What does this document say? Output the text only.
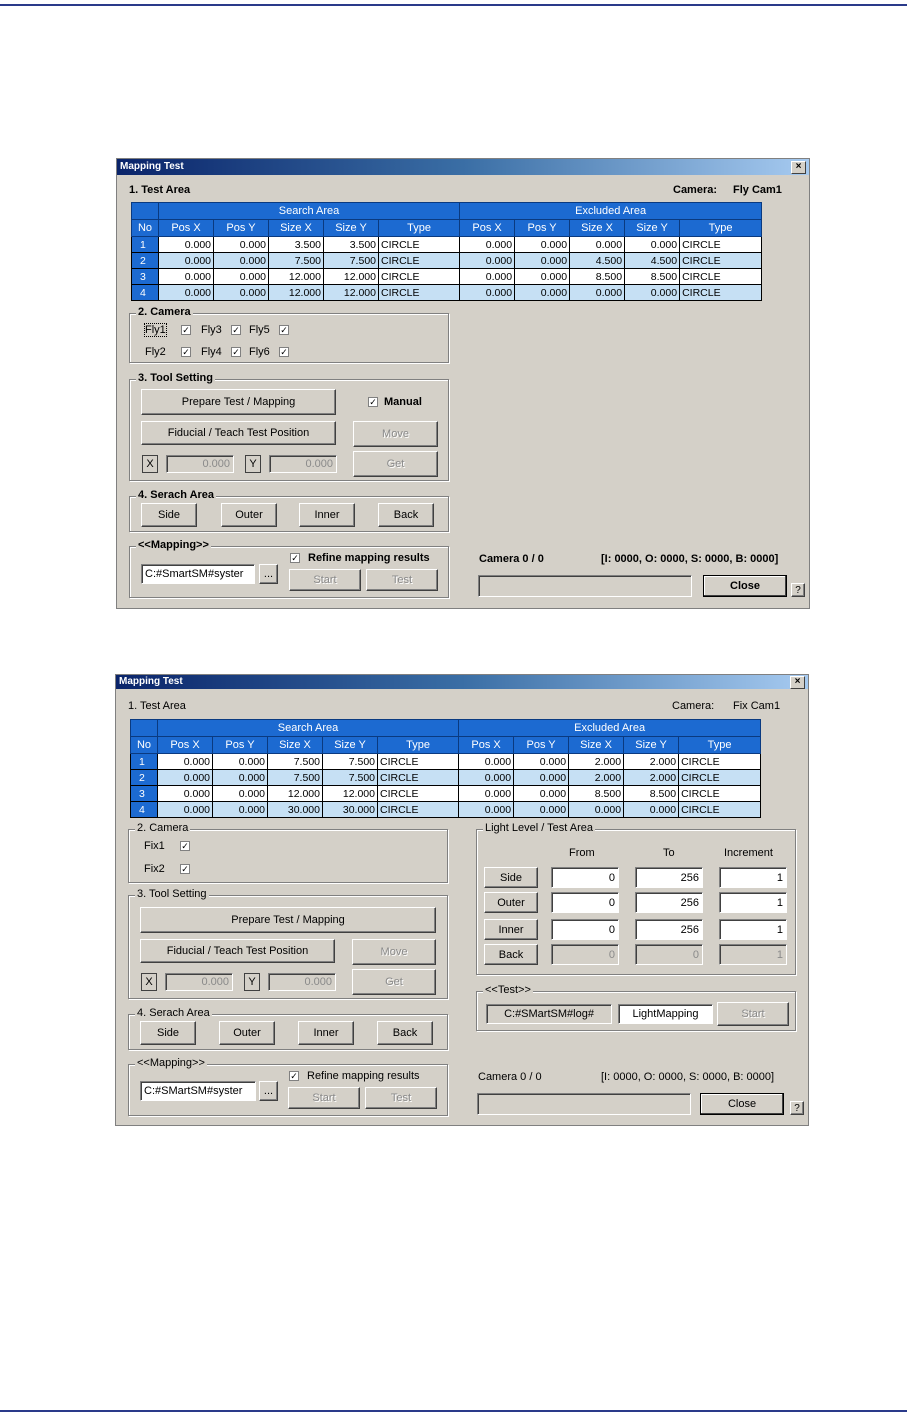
Mapping Test	×
1. Test Area	Camera: Fly Cam1
	Search Area					Excluded Area				
No	Pos X	Pos Y	Size X	Size Y	Type	Pos X	Pos Y	Size X	Size Y	Type
1	0.000	0.000	3.500	3.500	CIRCLE	0.000	0.000	0.000	0.000	CIRCLE
2	0.000	0.000	7.500	7.500	CIRCLE	0.000	0.000	4.500	4.500	CIRCLE
3	0.000	0.000	12.000	12.000	CIRCLE	0.000	0.000	8.500	8.500	CIRCLE
4	0.000	0.000	12.000	12.000	CIRCLE	0.000	0.000	0.000	0.000	CIRCLE
2. Camera
Fly1 ✓ Fly3 ✓ Fly5 ✓
Fly2 ✓ Fly4 ✓ Fly6 ✓
3. Tool Setting
Prepare Test / Mapping	✓ Manual
Fiducial / Teach Test Position	Move
X	0.000	Y	0.000	Get
4. Serach Area
Side	Outer	Inner	Back
<<Mapping>>
C:#SmartSM#syster	...
✓ Refine mapping results
Start	Test
Camera 0 / 0	[I: 0000, O: 0000, S: 0000, B: 0000]
Close	?
Mapping Test	×
1. Test Area	Camera: Fix Cam1
	Search Area					Excluded Area				
No	Pos X	Pos Y	Size X	Size Y	Type	Pos X	Pos Y	Size X	Size Y	Type
1	0.000	0.000	7.500	7.500	CIRCLE	0.000	0.000	2.000	2.000	CIRCLE
2	0.000	0.000	7.500	7.500	CIRCLE	0.000	0.000	2.000	2.000	CIRCLE
3	0.000	0.000	12.000	12.000	CIRCLE	0.000	0.000	8.500	8.500	CIRCLE
4	0.000	0.000	30.000	30.000	CIRCLE	0.000	0.000	0.000	0.000	CIRCLE
2. Camera
Fix1 ✓
Fix2 ✓
3. Tool Setting
Prepare Test / Mapping
Fiducial / Teach Test Position	Move
X	0.000	Y	0.000	Get
4. Serach Area
Side	Outer	Inner	Back
<<Mapping>>
C:#SMartSM#syster	...
✓ Refine mapping results
Start	Test
Light Level / Test Area
From	To	Increment
Side	0	256	1
Outer	0	256	1
Inner	0	256	1
Back	0	0	1
<<Test>>
C:#SMartSM#log#	LightMapping	Start
Camera 0 / 0	[I: 0000, O: 0000, S: 0000, B: 0000]
Close	?
